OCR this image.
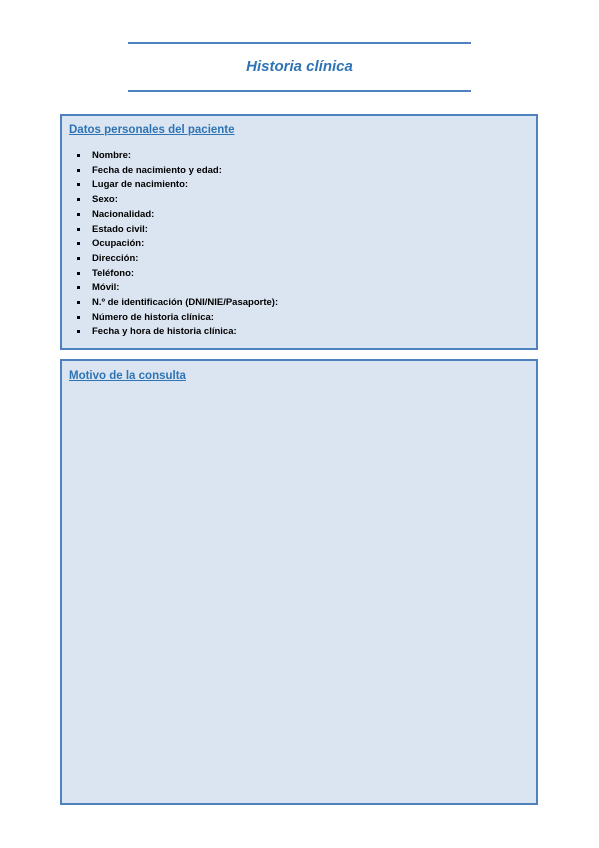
Historia clínica
Datos personales del paciente
Nombre:
Fecha de nacimiento y edad:
Lugar de nacimiento:
Sexo:
Nacionalidad:
Estado civil:
Ocupación:
Dirección:
Teléfono:
Móvil:
N.º de identificación (DNI/NIE/Pasaporte):
Número de historia clínica:
Fecha y hora de historia clínica:
Motivo de la consulta
